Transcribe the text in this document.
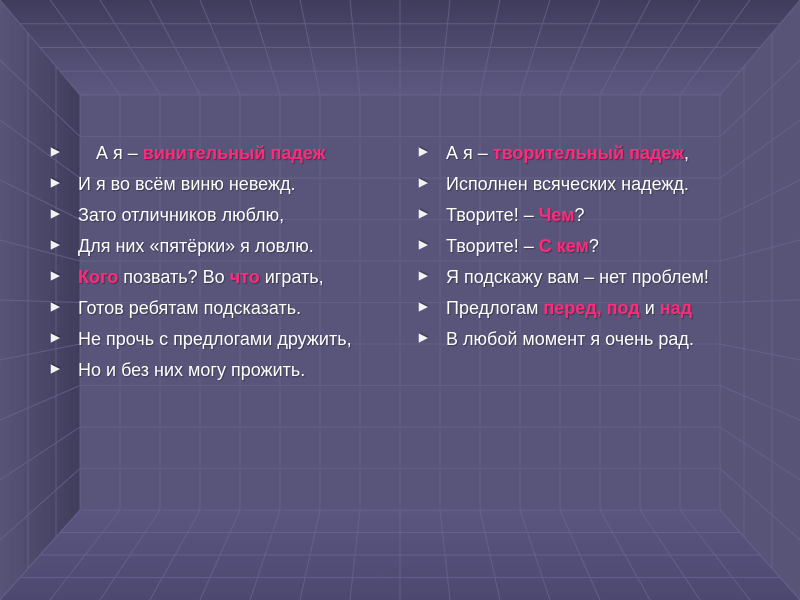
▼ А я – винительный падеж
▼ И я во всём виню невежд.
▼ Зато отличников люблю,
▼ Для них «пятёрки» я ловлю.
▼ Кого позвать? Во что играть,
▼ Готов ребятам подсказать.
▼ Не прочь с предлогами дружить,
▼ Но и без них могу прожить.
▼ А я – творительный падеж,
▼ Исполнен всяческих надежд.
▼ Творите! – Чем?
▼ Творите! – С кем?
▼ Я подскажу вам – нет проблем!
▼ Предлогам перед, под и над
▼ В любой момент я очень рад.
